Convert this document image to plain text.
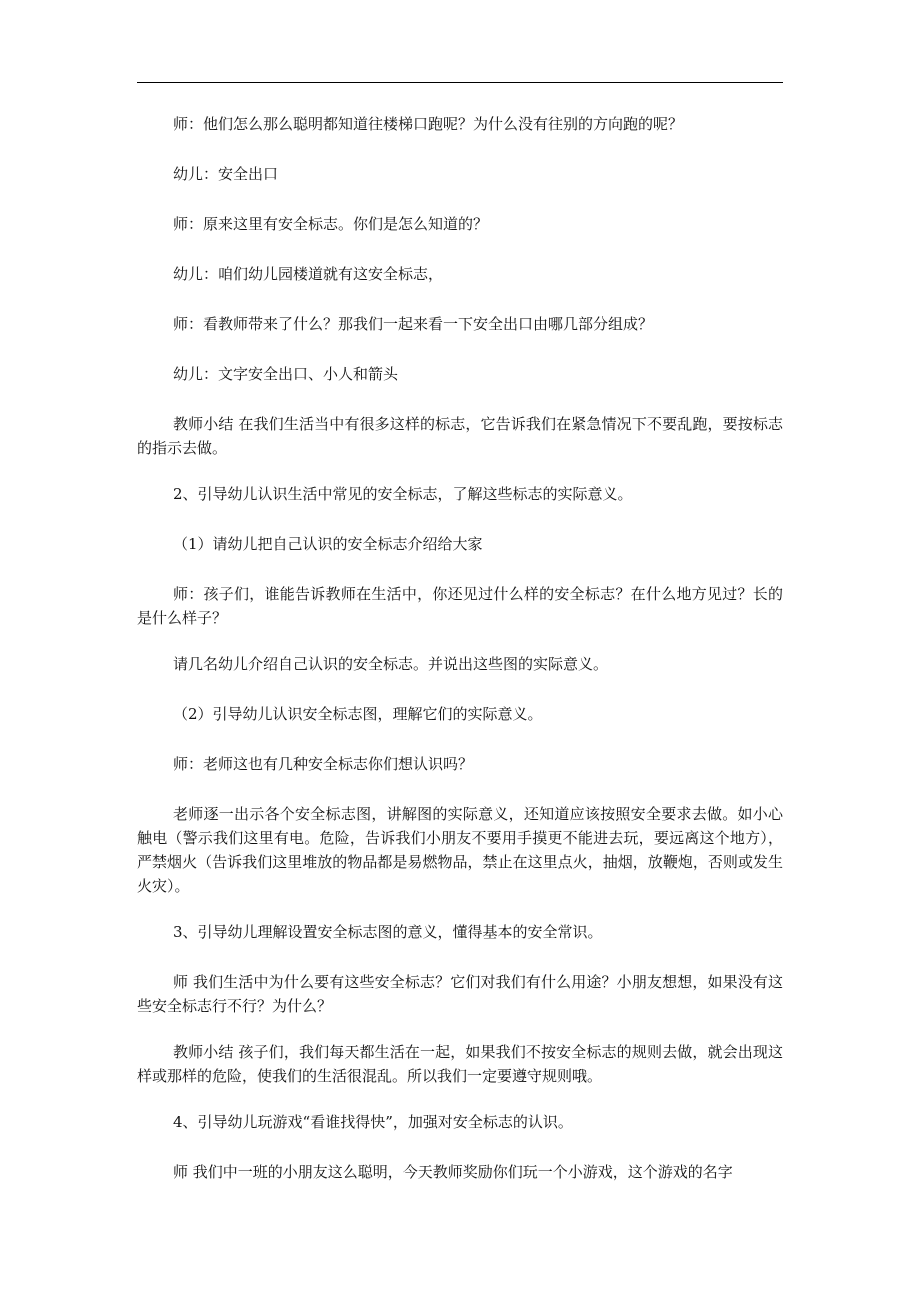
师：他们怎么那么聪明都知道往楼梯口跑呢？为什么没有往别的方向跑的呢？

幼儿：安全出口

师：原来这里有安全标志。你们是怎么知道的？

幼儿：咱们幼儿园楼道就有这安全标志，

师：看教师带来了什么？那我们一起来看一下安全出口由哪几部分组成？

幼儿：文字安全出口、小人和箭头

教师小结 在我们生活当中有很多这样的标志，它告诉我们在紧急情况下不要乱跑，要按标志的指示去做。

2、引导幼儿认识生活中常见的安全标志，了解这些标志的实际意义。

（1）请幼儿把自己认识的安全标志介绍给大家

师：孩子们，谁能告诉教师在生活中，你还见过什么样的安全标志？在什么地方见过？长的是什么样子？

请几名幼儿介绍自己认识的安全标志。并说出这些图的实际意义。

（2）引导幼儿认识安全标志图，理解它们的实际意义。

师：老师这也有几种安全标志你们想认识吗？

老师逐一出示各个安全标志图，讲解图的实际意义，还知道应该按照安全要求去做。如小心触电（警示我们这里有电。危险，告诉我们小朋友不要用手摸更不能进去玩，要远离这个地方），严禁烟火（告诉我们这里堆放的物品都是易燃物品，禁止在这里点火，抽烟，放鞭炮，否则或发生火灾）。

3、引导幼儿理解设置安全标志图的意义，懂得基本的安全常识。

师 我们生活中为什么要有这些安全标志？它们对我们有什么用途？小朋友想想，如果没有这些安全标志行不行？为什么？

教师小结 孩子们，我们每天都生活在一起，如果我们不按安全标志的规则去做，就会出现这样或那样的危险，使我们的生活很混乱。所以我们一定要遵守规则哦。

4、引导幼儿玩游戏“看谁找得快”，加强对安全标志的认识。

师 我们中一班的小朋友这么聪明，今天教师奖励你们玩一个小游戏，这个游戏的名字
